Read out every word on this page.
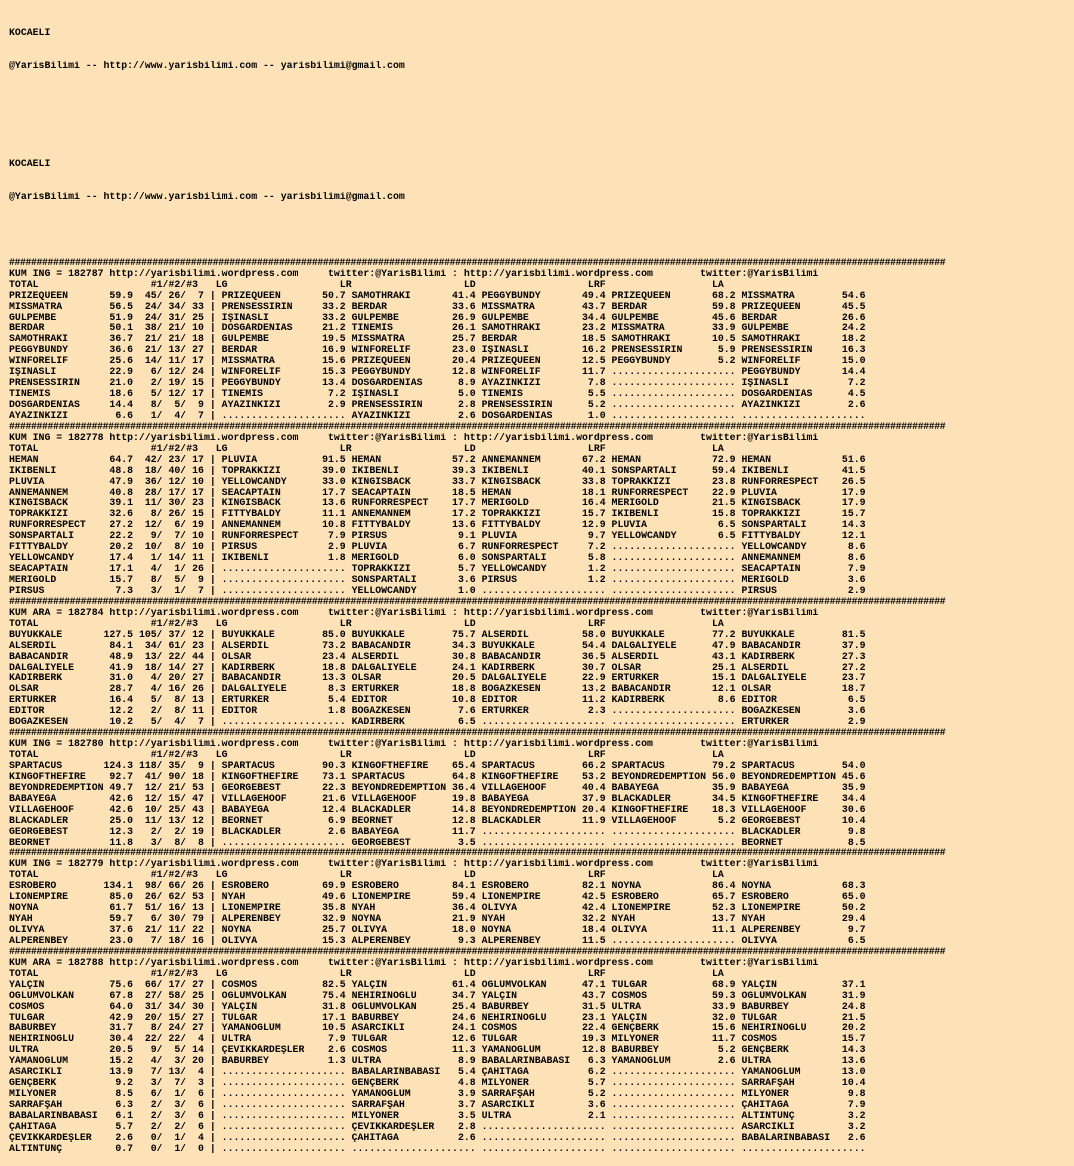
KOCAELI

@YarisBilimi -- http://www.yarisbilimi.com -- yarisbilimi@gmail.com

KOCAELI

@YarisBilimi -- http://www.yarisbilimi.com -- yarisbilimi@gmail.com

##########################################################################################################################################################################
KUM ING = 182787 http://yarisbilimi.wordpress.com     twitter:@YarisBilimi : http://yarisbilimi.wordpress.com        twitter:@YarisBilimi
TOTAL                   #1/#2/#3   LG                   LR                   LD                   LRF                  LA
PRIZEQUEEN       59.9  45/ 26/  7 | PRIZEQUEEN       50.7 SAMOTHRAKI       41.4 PEGGYBUNDY       49.4 PRIZEQUEEN       68.2 MISSMATRA        54.6
MISSMATRA        56.5  24/ 34/ 33 | PRENSESSİRİN     33.2 BERDAR           33.6 MISSMATRA        43.7 BERDAR           59.8 PRIZEQUEEN       45.5
GULPEMBE         51.9  24/ 31/ 25 | İŞINASLI         33.2 GULPEMBE         26.9 GULPEMBE         34.4 GULPEMBE         45.6 BERDAR           26.6
BERDAR           50.1  38/ 21/ 10 | DOSGARDENIAS     21.2 TINEMIS          26.1 SAMOTHRAKI       23.2 MISSMATRA        33.9 GULPEMBE         24.2
SAMOTHRAKI       36.7  21/ 21/ 18 | GULPEMBE         19.5 MISSMATRA        25.7 BERDAR           18.5 SAMOTHRAKI       10.5 SAMOTHRAKI       18.2
PEGGYBUNDY       36.6  21/ 13/ 27 | BERDAR           16.9 WINFORELIF       23.0 İŞINASLI         16.2 PRENSESSİRİN      5.9 PRENSESSİRİN     16.3
WINFORELIF       25.6  14/ 11/ 17 | MISSMATRA        15.6 PRIZEQUEEN       20.4 PRIZEQUEEN       12.5 PEGGYBUNDY        5.2 WINFORELIF       15.0
İŞINASLI         22.9   6/ 12/ 24 | WINFORELIF       15.3 PEGGYBUNDY       12.8 WINFORELIF       11.7 ..................... PEGGYBUNDY       14.4
PRENSESSİRİN     21.0   2/ 19/ 15 | PEGGYBUNDY       13.4 DOSGARDENIAS      8.9 AYAZINKIZI        7.8 ..................... İŞINASLI          7.2
TINEMIS          18.6   5/ 12/ 17 | TINEMIS           7.2 İŞINASLI          5.0 TINEMIS           5.5 ..................... DOSGARDENIAS      4.5
DOSGARDENIAS     14.4   8/  5/  9 | AYAZINKIZI        2.9 PRENSESSİRİN      2.8 PRENSESSİRİN      5.2 ..................... AYAZINKIZI        2.6
AYAZINKIZI        6.6   1/  4/  7 | ..................... AYAZINKIZI        2.6 DOSGARDENIAS      1.0 ..................... .....................
##########################################################################################################################################################################
KUM ING = 182778 http://yarisbilimi.wordpress.com     twitter:@YarisBilimi : http://yarisbilimi.wordpress.com        twitter:@YarisBilimi
TOTAL                   #1/#2/#3   LG                   LR                   LD                   LRF                  LA
HEMAN            64.7  42/ 23/ 17 | PLUVIA           91.5 HEMAN            57.2 ANNEMANNEM       67.2 HEMAN            72.9 HEMAN            51.6
İKİBENLİ         48.8  18/ 40/ 16 | TOPRAKKIZI       39.0 İKİBENLİ         39.3 İKİBENLİ         40.1 SONSPARTALI      59.4 İKİBENLİ         41.5
PLUVIA           47.9  36/ 12/ 10 | YELLOWCANDY      33.0 KINGISBACK       33.7 KINGISBACK       33.8 TOPRAKKIZI       23.8 RUNFORRESPECT    26.5
ANNEMANNEM       40.8  28/ 17/ 17 | SEACAPTAIN       17.7 SEACAPTAIN       18.5 HEMAN            18.1 RUNFORRESPECT    22.9 PLUVIA           17.9
KINGISBACK       39.1  11/ 30/ 23 | KINGISBACK       13.6 RUNFORRESPECT    17.7 MERIGOLD         16.4 MERIGOLD         21.5 KINGISBACK       17.9
TOPRAKKIZI       32.6   8/ 26/ 15 | FITTYBALDY       11.1 ANNEMANNEM       17.2 TOPRAKKIZI       15.7 İKİBENLİ         15.8 TOPRAKKIZI       15.7
RUNFORRESPECT    27.2  12/  6/ 19 | ANNEMANNEM       10.8 FITTYBALDY       13.6 FITTYBALDY       12.9 PLUVIA            6.5 SONSPARTALI      14.3
SONSPARTALI      22.2   9/  7/ 10 | RUNFORRESPECT     7.9 PIRSUS            9.1 PLUVIA            9.7 YELLOWCANDY       6.5 FITTYBALDY       12.1
FITTYBALDY       20.2  10/  8/ 10 | PIRSUS            2.9 PLUVIA            6.7 RUNFORRESPECT     7.2 ..................... YELLOWCANDY       8.6
YELLOWCANDY      17.4   1/ 14/ 11 | İKİBENLİ          1.8 MERIGOLD          6.0 SONSPARTALI       5.8 ..................... ANNEMANNEM        8.6
SEACAPTAIN       17.1   4/  1/ 26 | ..................... TOPRAKKIZI        5.7 YELLOWCANDY       1.2 ..................... SEACAPTAIN        7.9
MERIGOLD         15.7   8/  5/  9 | ..................... SONSPARTALI       3.6 PIRSUS            1.2 ..................... MERIGOLD          3.6
PIRSUS            7.3   3/  1/  7 | ..................... YELLOWCANDY       1.0 ..................... ..................... PIRSUS            2.9
##########################################################################################################################################################################
KUM ARA = 182784 http://yarisbilimi.wordpress.com     twitter:@YarisBilimi : http://yarisbilimi.wordpress.com        twitter:@YarisBilimi
TOTAL                   #1/#2/#3   LG                   LR                   LD                   LRF                  LA
BUYUKKALE       127.5 105/ 37/ 12 | BUYUKKALE        85.0 BUYUKKALE        75.7 ALSERDİL         58.0 BUYUKKALE        77.2 BUYUKKALE        81.5
ALSERDİL         84.1  34/ 61/ 23 | ALSERDİL         73.2 BABACANDIR       34.3 BUYUKKALE        54.4 DALGALIYELE      47.9 BABACANDIR       37.9
BABACANDIR       48.9  13/ 22/ 44 | OLSAR            23.4 ALSERDİL         30.8 BABACANDIR       36.5 ALSERDİL         43.1 KADİRBERK        27.3
DALGALIYELE      41.9  18/ 14/ 27 | KADİRBERK        18.8 DALGALIYELE      24.1 KADİRBERK        30.7 OLSAR            25.1 ALSERDİL         27.2
KADİRBERK        31.0   4/ 20/ 27 | BABACANDIR       13.3 OLSAR            20.5 DALGALIYELE      22.9 ERTURKER         15.1 DALGALIYELE      23.7
OLSAR            28.7   4/ 16/ 26 | DALGALIYELE       8.3 ERTURKER         18.8 BOĞAZKESEN       13.2 BABACANDIR       12.1 OLSAR            18.7
ERTURKER         16.4   5/  8/ 13 | ERTURKER          5.4 EDİTOR           10.8 EDİTOR           11.2 KADİRBERK         8.6 EDİTOR            6.5
EDİTOR           12.2   2/  8/ 11 | EDİTOR            1.8 BOĞAZKESEN        7.6 ERTURKER          2.3 ..................... BOĞAZKESEN        3.6
BOĞAZKESEN       10.2   5/  4/  7 | ..................... KADİRBERK         6.5 ..................... ..................... ERTURKER          2.9
##########################################################################################################################################################################
KUM ING = 182780 http://yarisbilimi.wordpress.com     twitter:@YarisBilimi : http://yarisbilimi.wordpress.com        twitter:@YarisBilimi
TOTAL                   #1/#2/#3   LG                   LR                   LD                   LRF                  LA
SPARTACUS       124.3 118/ 35/  9 | SPARTACUS        90.3 KINGOFTHEFIRE    65.4 SPARTACUS        66.2 SPARTACUS        79.2 SPARTACUS        54.0
KINGOFTHEFIRE    92.7  41/ 90/ 18 | KINGOFTHEFIRE    73.1 SPARTACUS        64.8 KINGOFTHEFIRE    53.2 BEYONDREDEMPTION 56.0 BEYONDREDEMPTION 45.6
BEYONDREDEMPTION 49.7  12/ 21/ 53 | GEORGEBEST       22.3 BEYONDREDEMPTION 36.4 VILLAGEHOOF      40.4 BABAYEGA         35.9 BABAYEGA         35.9
BABAYEGA         42.6  12/ 15/ 47 | VILLAGEHOOF      21.6 VILLAGEHOOF      19.8 BABAYEGA         37.9 BLACKADLER       34.5 KINGOFTHEFIRE    34.4
VILLAGEHOOF      42.6  10/ 25/ 43 | BABAYEGA         12.4 BLACKADLER       14.8 BEYONDREDEMPTION 20.4 KINGOFTHEFIRE    18.3 VILLAGEHOOF      30.6
BLACKADLER       25.0  11/ 13/ 12 | BEORNET           6.9 BEORNET          12.8 BLACKADLER       11.9 VILLAGEHOOF       5.2 GEORGEBEST       10.4
GEORGEBEST       12.3   2/  2/ 19 | BLACKADLER        2.6 BABAYEGA         11.7 ..................... ..................... BLACKADLER        9.8
BEORNET          11.8   3/  8/  8 | ..................... GEORGEBEST        3.5 ..................... ..................... BEORNET           8.5
##########################################################################################################################################################################
KUM ING = 182779 http://yarisbilimi.wordpress.com     twitter:@YarisBilimi : http://yarisbilimi.wordpress.com        twitter:@YarisBilimi
TOTAL                   #1/#2/#3   LG                   LR                   LD                   LRF                  LA
ESROBERO        134.1  98/ 66/ 26 | ESROBERO         69.9 ESROBERO         84.1 ESROBERO         82.1 NOYNA            86.4 NOYNA            68.3
LIONEMPIRE       85.0  26/ 62/ 53 | NYAH             49.6 LIONEMPIRE       59.4 LIONEMPIRE       42.5 ESROBERO         65.7 ESROBERO         65.0
NOYNA            61.7  51/ 16/ 13 | LIONEMPIRE       35.8 NYAH             36.4 OLIVYA           42.4 LIONEMPIRE       52.3 LIONEMPIRE       50.2
NYAH             59.7   6/ 30/ 79 | ALPERENBEY       32.9 NOYNA            21.9 NYAH             32.2 NYAH             13.7 NYAH             29.4
OLIVYA           37.6  21/ 11/ 22 | NOYNA            25.7 OLIVYA           18.0 NOYNA            18.4 OLIVYA           11.1 ALPERENBEY        9.7
ALPERENBEY       23.0   7/ 18/ 16 | OLIVYA           15.3 ALPERENBEY        9.3 ALPERENBEY       11.5 ..................... OLIVYA            6.5
##########################################################################################################################################################################
KUM ARA = 182788 http://yarisbilimi.wordpress.com     twitter:@YarisBilimi : http://yarisbilimi.wordpress.com        twitter:@YarisBilimi
TOTAL                   #1/#2/#3   LG                   LR                   LD                   LRF                  LA
YALÇIN           75.6  66/ 17/ 27 | COSMOS           82.5 YALÇIN           61.4 OGLUMVOLKAN      47.1 TULGAR           68.9 YALÇIN           37.1
OGLUMVOLKAN      67.8  27/ 58/ 25 | OGLUMVOLKAN      75.4 NEHİRİNOĞLU      34.7 YALÇIN           43.7 COSMOS           59.3 OGLUMVOLKAN      31.9
COSMOS           64.0  31/ 34/ 30 | YALÇIN           31.8 OGLUMVOLKAN      25.4 BABURBEY         31.5 ULTRA            33.9 BABURBEY         24.8
TULGAR           42.9  20/ 15/ 27 | TULGAR           17.1 BABURBEY         24.6 NEHİRİNOĞLU      23.1 YALÇIN           32.0 TULGAR           21.5
BABURBEY         31.7   8/ 24/ 27 | YAMANOĞLUM       10.5 ASARCIKLI        24.1 COSMOS           22.4 GENÇBERK         15.6 NEHİRİNOĞLU      20.2
NEHİRİNOĞLU      30.4  22/ 22/  4 | ULTRA             7.9 TULGAR           12.6 TULGAR           19.3 MİLYONER         11.7 COSMOS           15.7
ULTRA            20.5   9/  5/ 14 | ÇEVİKKARDEŞLER    2.6 COSMOS           11.3 YAMANOĞLUM       12.8 BABURBEY          5.2 GENÇBERK         14.3
YAMANOĞLUM       15.2   4/  3/ 20 | BABURBEY          1.3 ULTRA             8.9 BABALARINBABASI   6.3 YAMANOĞLUM        2.6 ULTRA            13.6
ASARCIKLI        13.9   7/ 13/  4 | ..................... BABALARINBABASI   5.4 ÇAHİTAĞA          6.2 ..................... YAMANOĞLUM       13.0
GENÇBERK          9.2   3/  7/  3 | ..................... GENÇBERK          4.8 MİLYONER          5.7 ..................... SARRAFŞAH        10.4
MİLYONER          8.5   6/  1/  6 | ..................... YAMANOĞLUM        3.9 SARRAFŞAH         5.2 ..................... MİLYONER          9.8
SARRAFŞAH         6.3   2/  3/  6 | ..................... SARRAFŞAH         3.7 ASARCIKLI         3.6 ..................... ÇAHİTAĞA          7.9
BABALARINBABASI   6.1   2/  3/  6 | ..................... MİLYONER          3.5 ULTRA             2.1 ..................... ALTINTUNÇ         3.2
ÇAHİTAĞA          5.7   2/  2/  6 | ..................... ÇEVİKKARDEŞLER    2.8 ..................... ..................... ASARCIKLI         3.2
ÇEVİKKARDEŞLER    2.6   0/  1/  4 | ..................... ÇAHİTAĞA          2.6 ..................... ..................... BABALARINBABASI   2.6
ALTINTUNÇ         0.7   0/  1/  0 | ..................... ..................... ..................... ..................... .....................
